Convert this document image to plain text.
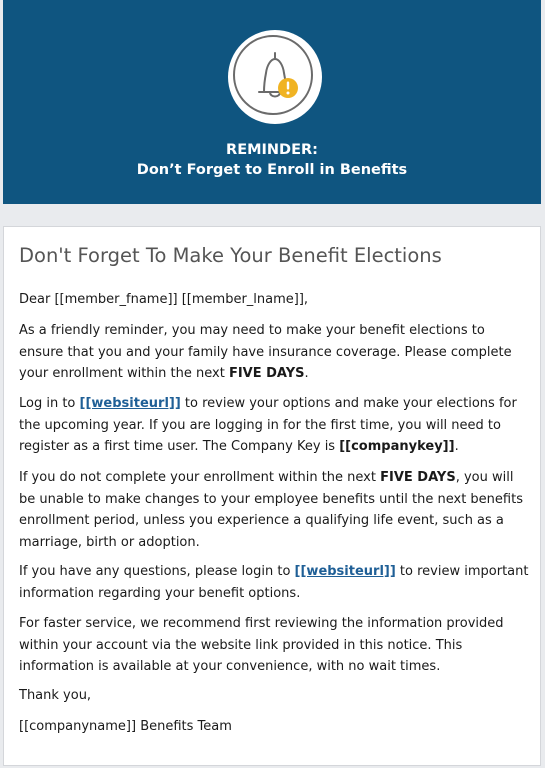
REMINDER:
Don’t Forget to Enroll in Benefits
Don't Forget To Make Your Benefit Elections

Dear [[member_fname]] [[member_lname]],

As a friendly reminder, you may need to make your benefit elections to ensure that you and your family have insurance coverage. Please complete your enrollment within the next FIVE DAYS.

Log in to [[websiteurl]] to review your options and make your elections for the upcoming year. If you are logging in for the first time, you will need to register as a first time user. The Company Key is [[companykey]].

If you do not complete your enrollment within the next FIVE DAYS, you will be unable to make changes to your employee benefits until the next benefits enrollment period, unless you experience a qualifying life event, such as a marriage, birth or adoption.

If you have any questions, please login to [[websiteurl]] to review important information regarding your benefit options.

For faster service, we recommend first reviewing the information provided within your account via the website link provided in this notice. This information is available at your convenience, with no wait times.

Thank you,

[[companyname]] Benefits Team
